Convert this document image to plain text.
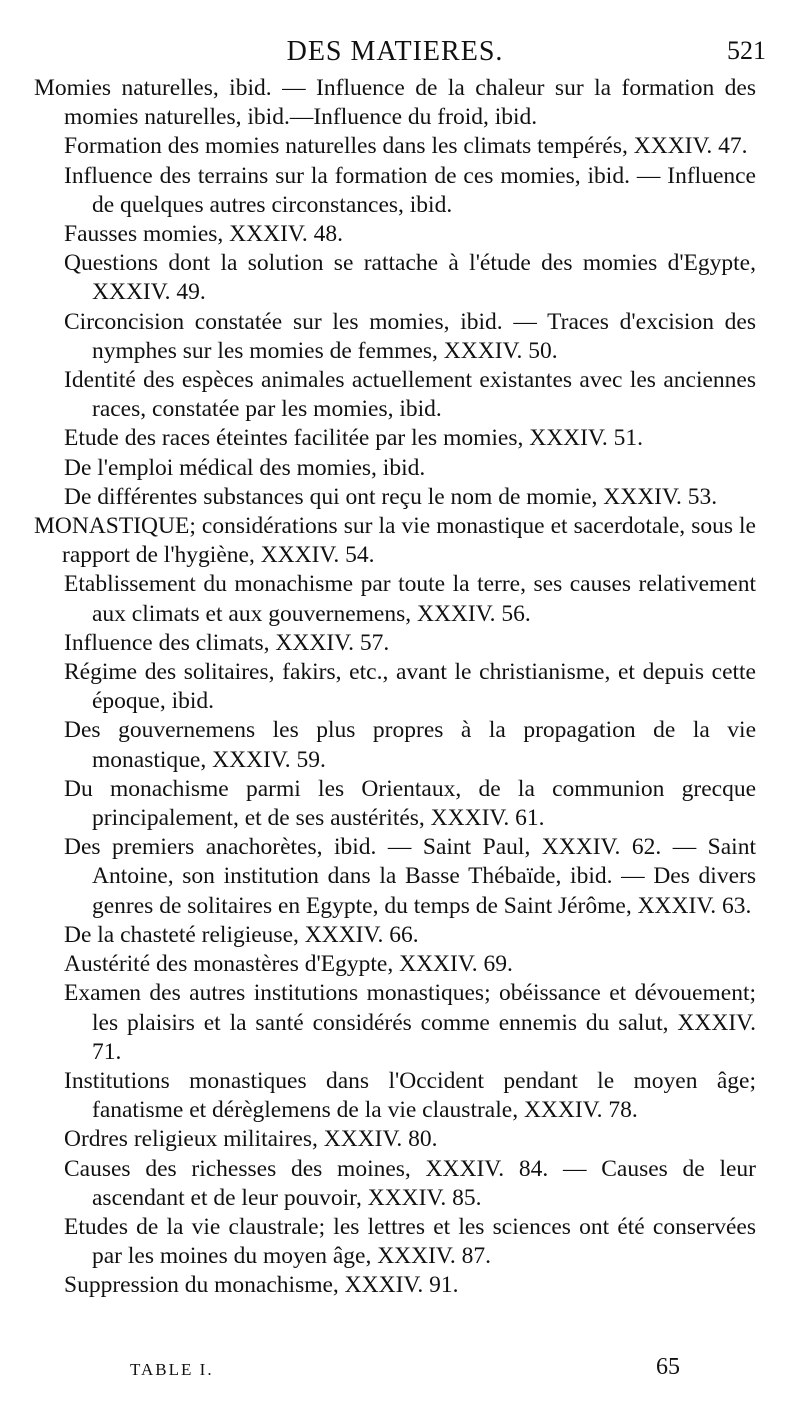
DES MATIERES.	521

Momies naturelles, ibid. — Influence de la chaleur sur la formation des momies naturelles, ibid.—Influence du froid, ibid.

Formation des momies naturelles dans les climats tempérés, XXXIV. 47.

Influence des terrains sur la formation de ces momies, ibid. — Influence de quelques autres circonstances, ibid.

Fausses momies, XXXIV. 48.

Questions dont la solution se rattache à l'étude des momies d'Egypte, XXXIV. 49.

Circoncision constatée sur les momies, ibid. — Traces d'excision des nymphes sur les momies de femmes, XXXIV. 50.

Identité des espèces animales actuellement existantes avec les anciennes races, constatée par les momies, ibid.

Etude des races éteintes facilitée par les momies, XXXIV. 51.

De l'emploi médical des momies, ibid.

De différentes substances qui ont reçu le nom de momie, XXXIV. 53.

MONASTIQUE; considérations sur la vie monastique et sacerdotale, sous le rapport de l'hygiène, XXXIV. 54.

Etablissement du monachisme par toute la terre, ses causes relativement aux climats et aux gouvernemens, XXXIV. 56.

Influence des climats, XXXIV. 57.

Régime des solitaires, fakirs, etc., avant le christianisme, et depuis cette époque, ibid.

Des gouvernemens les plus propres à la propagation de la vie monastique, XXXIV. 59.

Du monachisme parmi les Orientaux, de la communion grecque principalement, et de ses austérités, XXXIV. 61.

Des premiers anachorètes, ibid. — Saint Paul, XXXIV. 62. — Saint Antoine, son institution dans la Basse Thébaïde, ibid. — Des divers genres de solitaires en Egypte, du temps de Saint Jérôme, XXXIV. 63.

De la chasteté religieuse, XXXIV. 66.

Austérité des monastères d'Egypte, XXXIV. 69.

Examen des autres institutions monastiques; obéissance et dévouement; les plaisirs et la santé considérés comme ennemis du salut, XXXIV. 71.

Institutions monastiques dans l'Occident pendant le moyen âge; fanatisme et dérèglemens de la vie claustrale, XXXIV. 78.

Ordres religieux militaires, XXXIV. 80.

Causes des richesses des moines, XXXIV. 84. — Causes de leur ascendant et de leur pouvoir, XXXIV. 85.

Etudes de la vie claustrale; les lettres et les sciences ont été conservées par les moines du moyen âge, XXXIV. 87.

Suppression du monachisme, XXXIV. 91.

TABLE I.	65
